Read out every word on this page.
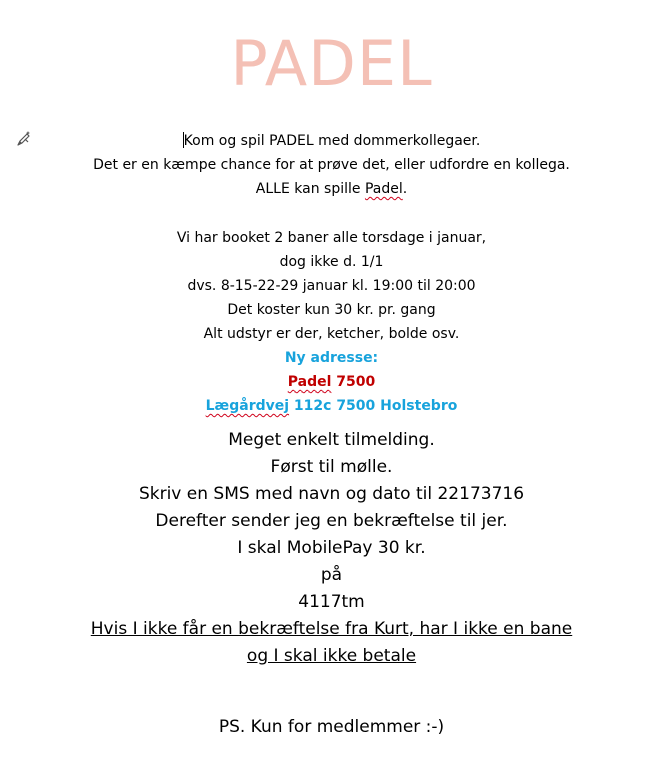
PADEL
Kom og spil PADEL med dommerkollegaer.
Det er en kæmpe chance for at prøve det, eller udfordre en kollega.
ALLE kan spille Padel.
Vi har booket 2 baner alle torsdage i januar,
dog ikke d. 1/1
dvs. 8-15-22-29 januar kl. 19:00 til 20:00
Det koster kun 30 kr. pr. gang
Alt udstyr er der, ketcher, bolde osv.
Ny adresse:
Padel 7500
Lægårdvej 112c 7500 Holstebro
Meget enkelt tilmelding.
Først til mølle.
Skriv en SMS med navn og dato til 22173716
Derefter sender jeg en bekræftelse til jer.
I skal MobilePay 30 kr.
på
4117tm
Hvis I ikke får en bekræftelse fra Kurt, har I ikke en bane
og I skal ikke betale
PS. Kun for medlemmer :-)
